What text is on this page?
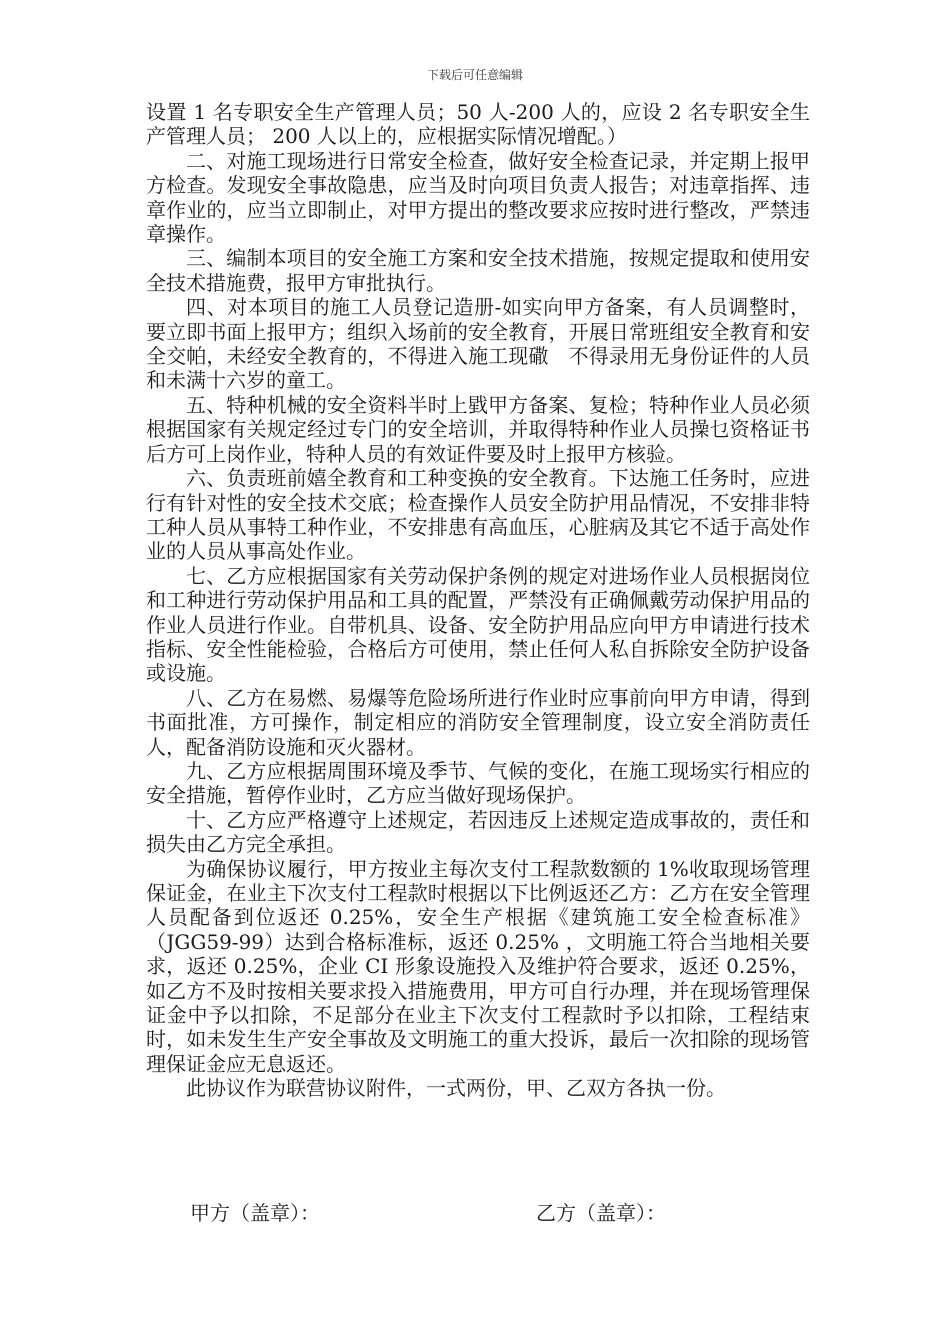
下载后可任意编辑

设置 1 名专职安全生产管理人员；50 人-200 人的，应设 2 名专职安全生产管理人员； 200 人以上的，应根据实际情况增配。）

二、对施工现场进行日常安全检查，做好安全检查记录，并定期上报甲方检查。发现安全事故隐患，应当及时向项目负责人报告；对违章指挥、违章作业的，应当立即制止，对甲方提出的整改要求应按时进行整改，严禁违章操作。

三、编制本项目的安全施工方案和安全技术措施，按规定提取和使用安全技术措施费，报甲方审批执行。

四、对本项目的施工人员登记造册-如实向甲方备案，有人员调整时，要立即书面上报甲方；组织入场前的安全教育，开展日常班组安全教育和安全交帕，未经安全教育的，不得进入施工现䃟　不得录用无身份证件的人员和未满十六岁的童工。

五、特种机械的安全资料半时上戥甲方备案、复检；特种作业人员必须根据国家有关规定经过专门的安全培训，并取得特种作业人员操乜资格证书后方可上岗作业，特种人员的有效证件要及时上报甲方核验。

六、负责班前嬉全教育和工种变换的安全教育。下达施工任务时，应进行有针对性的安全技术交底；检查操作人员安全防护用品情况，不安排非特工种人员从事特工种作业，不安排患有高血压，心脏病及其它不适于高处作业的人员从事高处作业。

七、乙方应根据国家有关劳动保护条例的规定对进场作业人员根据岗位和工种进行劳动保护用品和工具的配置，严禁没有正确佩戴劳动保护用品的作业人员进行作业。自带机具、设备、安全防护用品应向甲方申请进行技术指标、安全性能检验，合格后方可使用，禁止任何人私自拆除安全防护设备或设施。

八、乙方在易燃、易爆等危险场所进行作业时应事前向甲方申请，得到书面批准，方可操作，制定相应的消防安全管理制度，设立安全消防责任人，配备消防设施和灭火器材。

九、乙方应根据周围环境及季节、气候的变化，在施工现场实行相应的安全措施，暂停作业时，乙方应当做好现场保护。

十、乙方应严格遵守上述规定，若因违反上述规定造成事故的，责任和损失由乙方完全承担。

为确保协议履行，甲方按业主每次支付工程款数额的 1%收取现场管理保证金，在业主下次支付工程款时根据以下比例返还乙方：乙方在安全管理人员配备到位返还 0.25%，安全生产根据《建筑施工安全检查标准》（JGG59-99）达到合格标准标，返还 0.25% ，文明施工符合当地相关要求，返还 0.25%，企业 CI 形象设施投入及维护符合要求，返还 0.25%，如乙方不及时按相关要求投入措施费用，甲方可自行办理，并在现场管理保证金中予以扣除，不足部分在业主下次支付工程款时予以扣除，工程结束时，如未发生生产安全事故及文明施工的重大投诉，最后一次扣除的现场管理保证金应无息返还。

此协议作为联营协议附件，一式两份，甲、乙双方各执一份。

甲方（盖章）：	乙方（盖章）：
